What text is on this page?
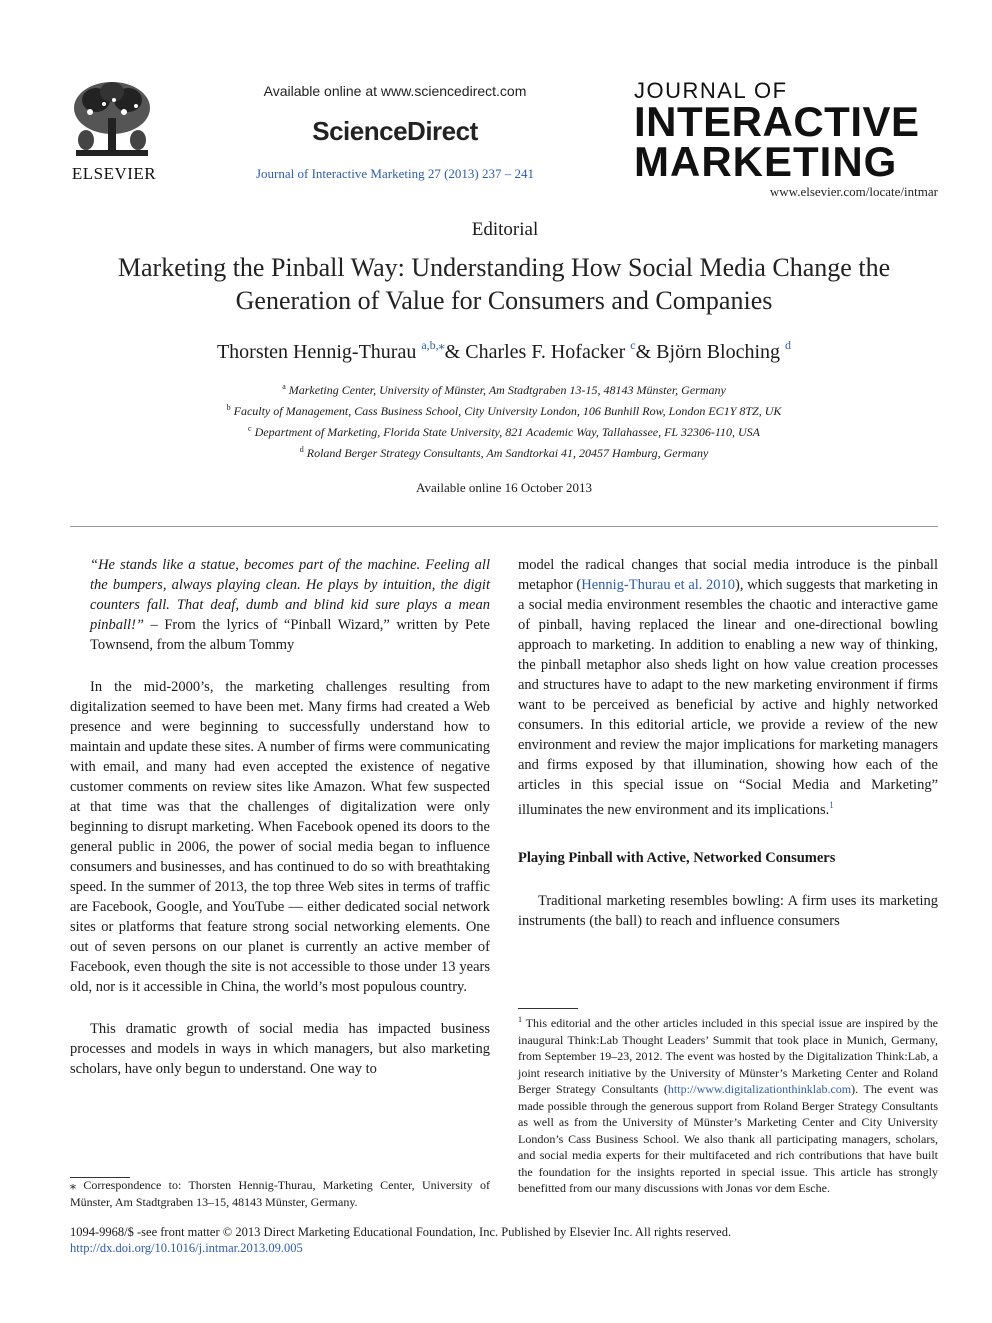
ELSEVIER
Available online at www.sciencedirect.com
ScienceDirect
Journal of Interactive Marketing 27 (2013) 237 – 241
JOURNAL OF
INTERACTIVE
MARKETING
www.elsevier.com/locate/intmar
Editorial
Marketing the Pinball Way: Understanding How Social Media Change the Generation of Value for Consumers and Companies
Thorsten Hennig-Thurau $^{a,b,⁎}$& Charles F. Hofacker $^c$& Björn Bloching $^d$
$^a$ Marketing Center, University of Münster, Am Stadtgraben 13-15, 48143 Münster, Germany
$^b$ Faculty of Management, Cass Business School, City University London, 106 Bunhill Row, London EC1Y 8TZ, UK
$^c$ Department of Marketing, Florida State University, 821 Academic Way, Tallahassee, FL 32306-110, USA
$^d$ Roland Berger Strategy Consultants, Am Sandtorkai 41, 20457 Hamburg, Germany
Available online 16 October 2013

“He stands like a statue, becomes part of the machine. Feeling all the bumpers, always playing clean. He plays by intuition, the digit counters fall. That deaf, dumb and blind kid sure plays a mean pinball!” – From the lyrics of “Pinball Wizard,” written by Pete Townsend, from the album Tommy

In the mid-2000’s, the marketing challenges resulting from digitalization seemed to have been met. Many firms had created a Web presence and were beginning to successfully understand how to maintain and update these sites. A number of firms were communicating with email, and many had even accepted the existence of negative customer comments on review sites like Amazon. What few suspected at that time was that the challenges of digitalization were only beginning to disrupt marketing. When Facebook opened its doors to the general public in 2006, the power of social media began to influence consumers and businesses, and has continued to do so with breathtaking speed. In the summer of 2013, the top three Web sites in terms of traffic are Facebook, Google, and YouTube — either dedicated social network sites or platforms that feature strong social networking elements. One out of seven persons on our planet is currently an active member of Facebook, even though the site is not accessible to those under 13 years old, nor is it accessible in China, the world’s most populous country.

This dramatic growth of social media has impacted business processes and models in ways in which managers, but also marketing scholars, have only begun to understand. One way to

model the radical changes that social media introduce is the pinball metaphor (Hennig-Thurau et al. 2010), which suggests that marketing in a social media environment resembles the chaotic and interactive game of pinball, having replaced the linear and one-directional bowling approach to marketing. In addition to enabling a new way of thinking, the pinball metaphor also sheds light on how value creation processes and structures have to adapt to the new marketing environment if firms want to be perceived as beneficial by active and highly networked consumers. In this editorial article, we provide a review of the new environment and review the major implications for marketing managers and firms exposed by that illumination, showing how each of the articles in this special issue on “Social Media and Marketing” illuminates the new environment and its implications.$^1$

Playing Pinball with Active, Networked Consumers

Traditional marketing resembles bowling: A firm uses its marketing instruments (the ball) to reach and influence consumers

⁎ Correspondence to: Thorsten Hennig-Thurau, Marketing Center, University of Münster, Am Stadtgraben 13–15, 48143 Münster, Germany.
$^1$ This editorial and the other articles included in this special issue are inspired by the inaugural Think:Lab Thought Leaders’ Summit that took place in Munich, Germany, from September 19–23, 2012. The event was hosted by the Digitalization Think:Lab, a joint research initiative by the University of Münster’s Marketing Center and Roland Berger Strategy Consultants (http://www.digitalizationthinklab.com). The event was made possible through the generous support from Roland Berger Strategy Consultants as well as from the University of Münster’s Marketing Center and City University London’s Cass Business School. We also thank all participating managers, scholars, and social media experts for their multifaceted and rich contributions that have built the foundation for the insights reported in special issue. This article has strongly benefitted from our many discussions with Jonas vor dem Esche.
1094-9968/$ -see front matter © 2013 Direct Marketing Educational Foundation, Inc. Published by Elsevier Inc. All rights reserved.
http://dx.doi.org/10.1016/j.intmar.2013.09.005
